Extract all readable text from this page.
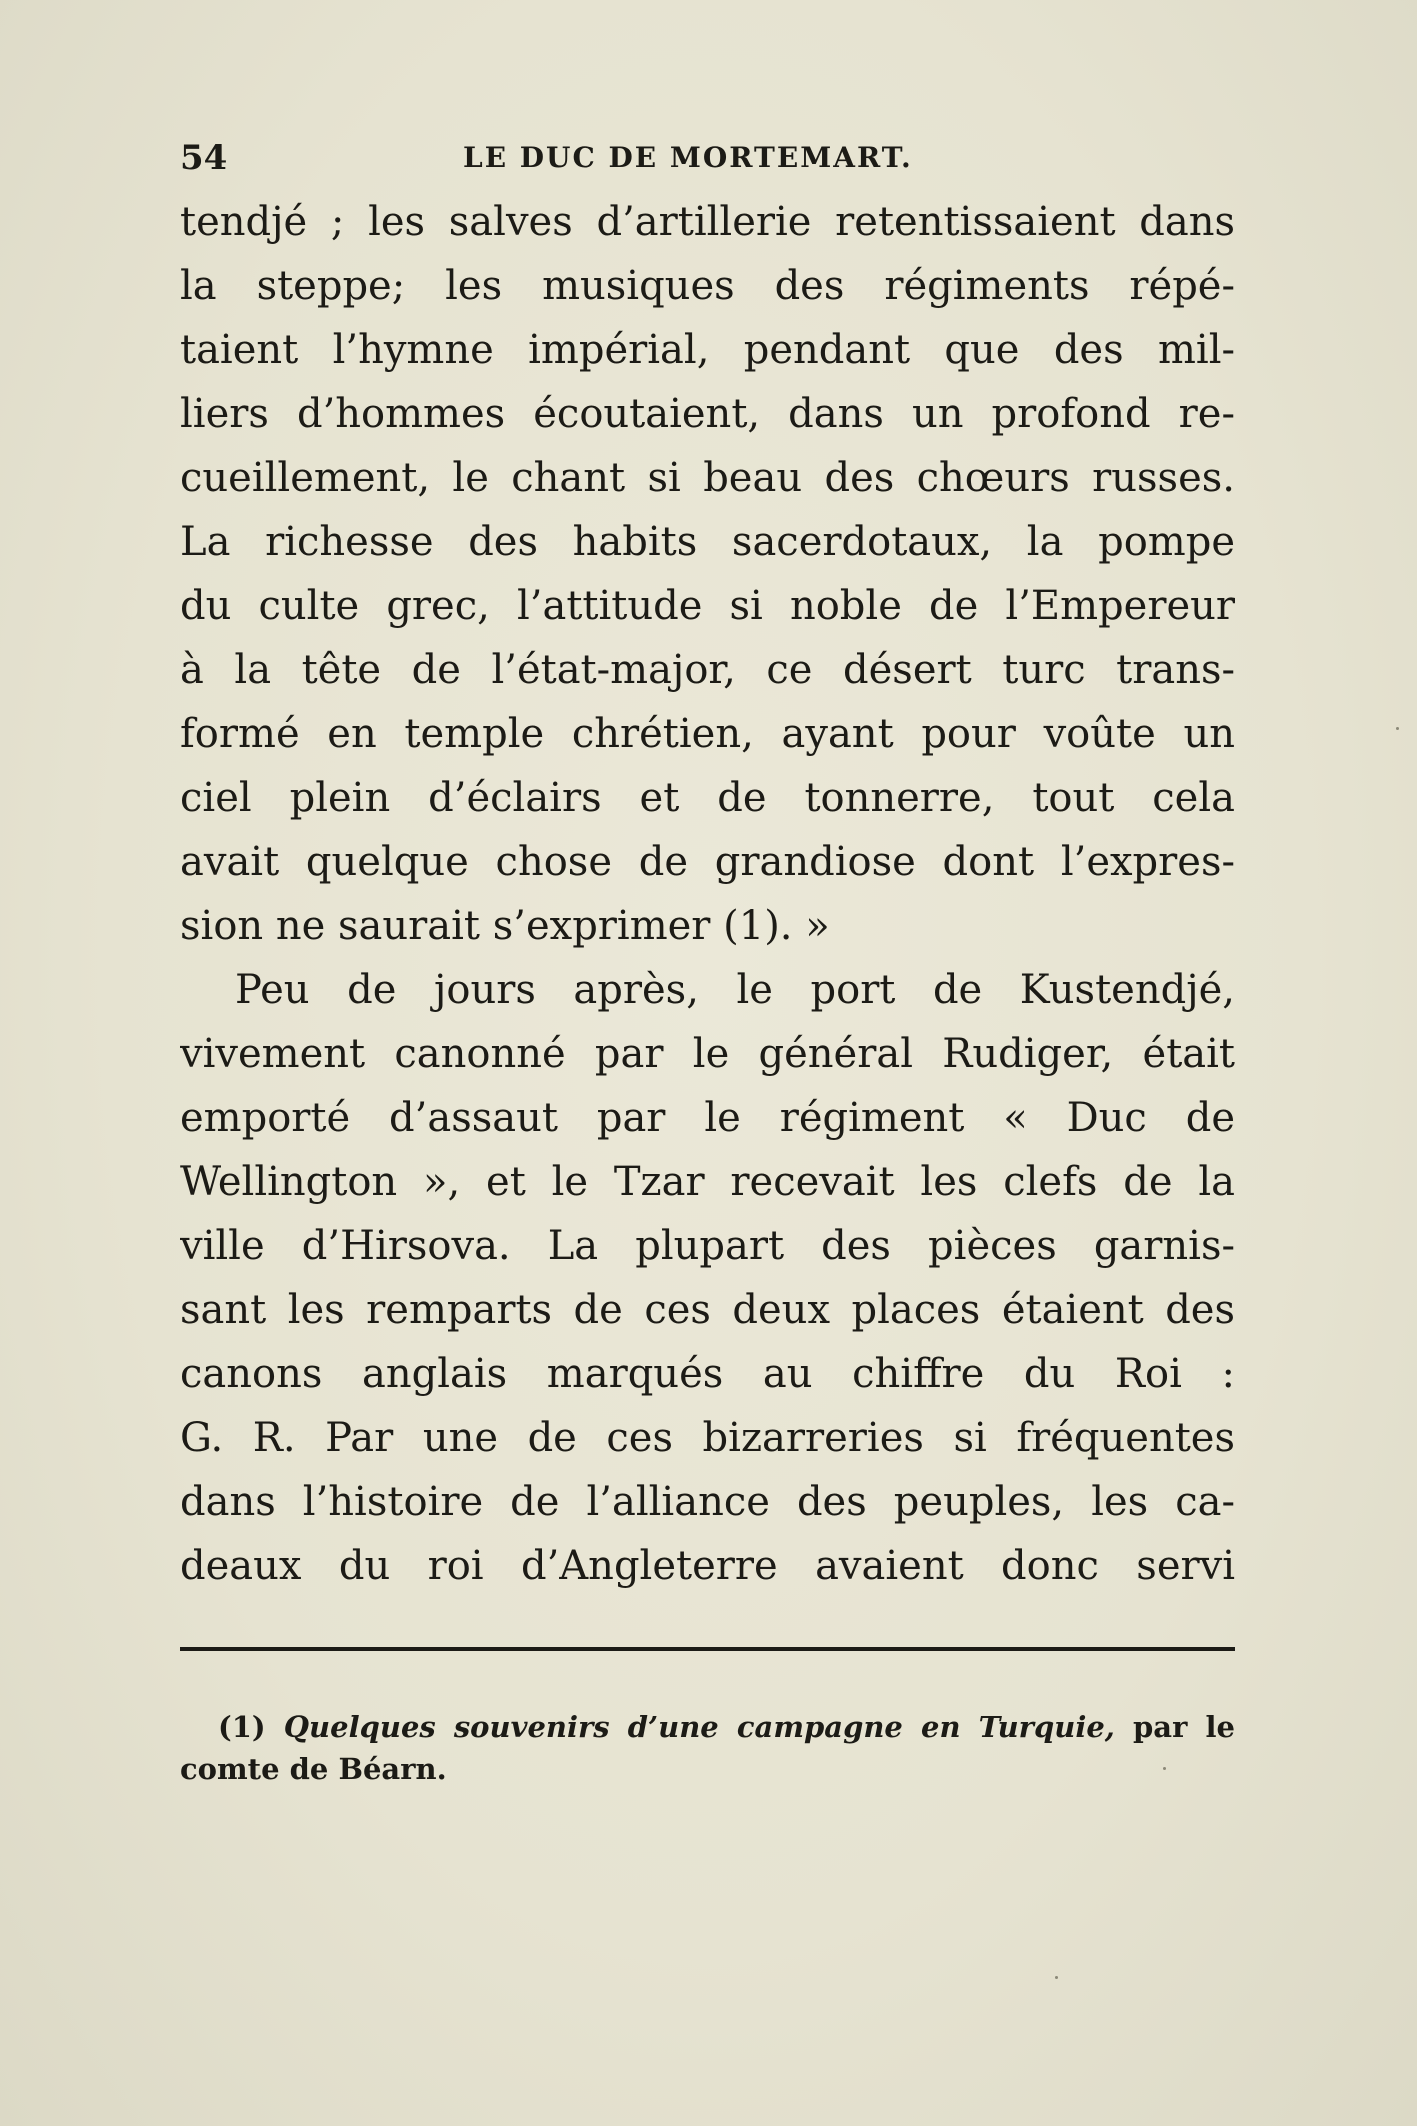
54	LE DUC DE MORTEMART.
tendjé ; les salves d’artillerie retentissaient dans
la steppe; les musiques des régiments répé-
taient l’hymne impérial, pendant que des mil-
liers d’hommes écoutaient, dans un profond re-
cueillement, le chant si beau des chœurs russes.
La richesse des habits sacerdotaux, la pompe
du culte grec, l’attitude si noble de l’Empereur
à la tête de l’état-major, ce désert turc trans-
formé en temple chrétien, ayant pour voûte un
ciel plein d’éclairs et de tonnerre, tout cela
avait quelque chose de grandiose dont l’expres-
sion ne saurait s’exprimer (1). »
Peu de jours après, le port de Kustendjé,
vivement canonné par le général Rudiger, était
emporté d’assaut par le régiment « Duc de
Wellington », et le Tzar recevait les clefs de la
ville d’Hirsova. La plupart des pièces garnis-
sant les remparts de ces deux places étaient des
canons anglais marqués au chiffre du Roi :
G. R. Par une de ces bizarreries si fréquentes
dans l’histoire de l’alliance des peuples, les ca-
deaux du roi d’Angleterre avaient donc servi
(1) Quelques souvenirs d’une campagne en Turquie, par le
comte de Béarn.
